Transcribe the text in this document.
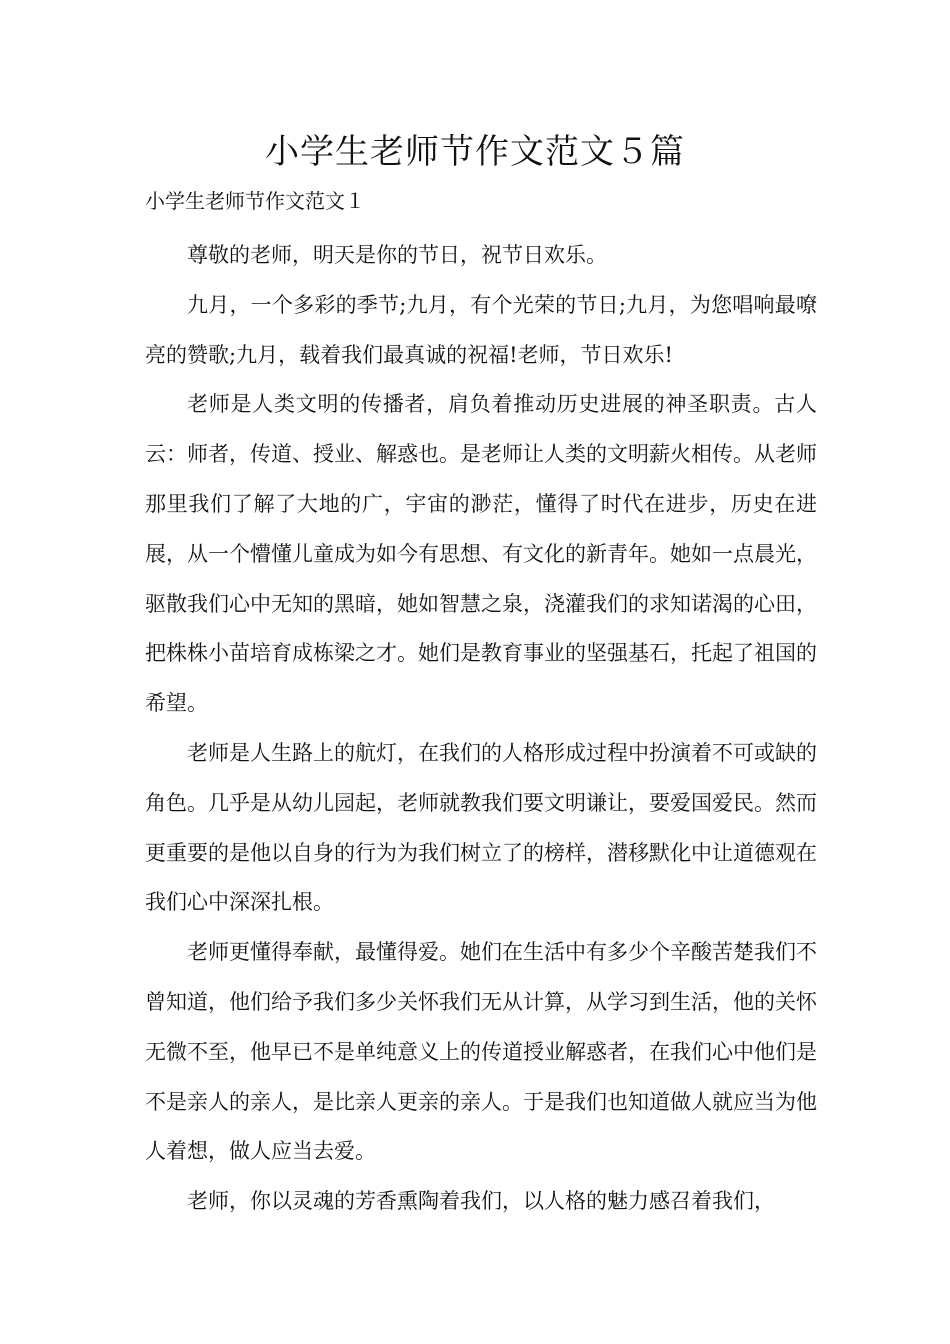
小学生老师节作文范文５篇
小学生老师节作文范文１

尊敬的老师，明天是你的节日，祝节日欢乐。

九月，一个多彩的季节;九月，有个光荣的节日;九月，为您唱响最嘹亮的赞歌;九月，载着我们最真诚的祝福!老师，节日欢乐!

老师是人类文明的传播者，肩负着推动历史进展的神圣职责。古人云：师者，传道、授业、解惑也。是老师让人类的文明薪火相传。从老师那里我们了解了大地的广，宇宙的渺茫，懂得了时代在进步，历史在进展，从一个懵懂儿童成为如今有思想、有文化的新青年。她如一点晨光，驱散我们心中无知的黑暗，她如智慧之泉，浇灌我们的求知诺渴的心田，把株株小苗培育成栋梁之才。她们是教育事业的坚强基石，托起了祖国的希望。

老师是人生路上的航灯，在我们的人格形成过程中扮演着不可或缺的角色。几乎是从幼儿园起，老师就教我们要文明谦让，要爱国爱民。然而更重要的是他以自身的行为为我们树立了的榜样，潜移默化中让道德观在我们心中深深扎根。

老师更懂得奉献，最懂得爱。她们在生活中有多少个辛酸苦楚我们不曾知道，他们给予我们多少关怀我们无从计算，从学习到生活，他的关怀无微不至，他早已不是单纯意义上的传道授业解惑者，在我们心中他们是不是亲人的亲人，是比亲人更亲的亲人。于是我们也知道做人就应当为他人着想，做人应当去爱。

老师，你以灵魂的芳香熏陶着我们，以人格的魅力感召着我们，
